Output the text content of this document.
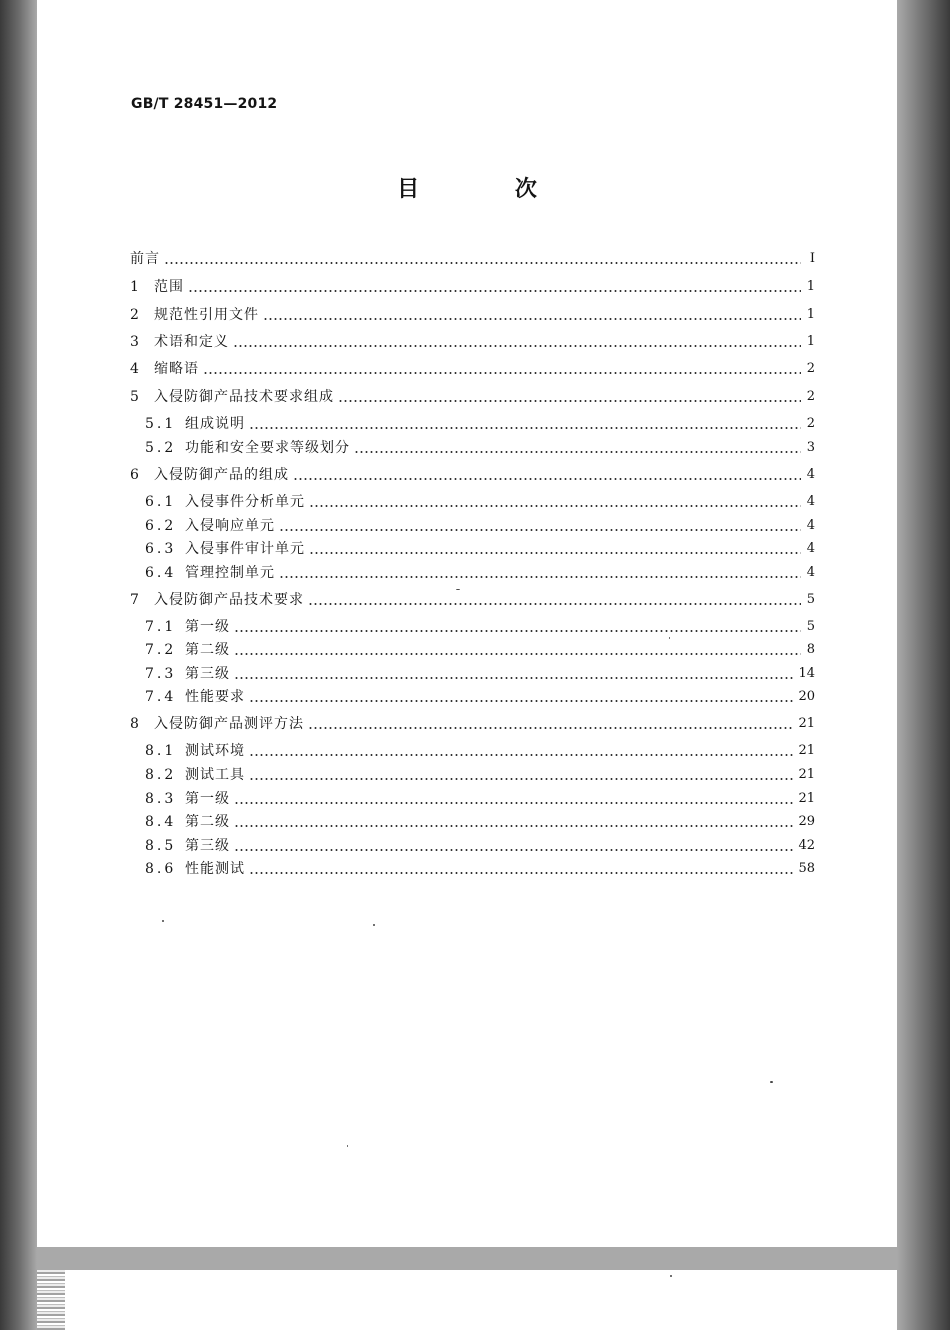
GB/T 28451—2012
目 次
前言	I
1	范围	1
2	规范性引用文件	1
3	术语和定义	1
4	缩略语	2
5	入侵防御产品技术要求组成	2
5.1 组成说明	2
5.2 功能和安全要求等级划分	3
6	入侵防御产品的组成	4
6.1 入侵事件分析单元	4
6.2 入侵响应单元	4
6.3 入侵事件审计单元	4
6.4 管理控制单元	4
7	入侵防御产品技术要求	5
7.1 第一级	5
7.2 第二级	8
7.3 第三级	14
7.4 性能要求	20
8	入侵防御产品测评方法	21
8.1 测试环境	21
8.2 测试工具	21
8.3 第一级	21
8.4 第二级	29
8.5 第三级	42
8.6 性能测试	58
